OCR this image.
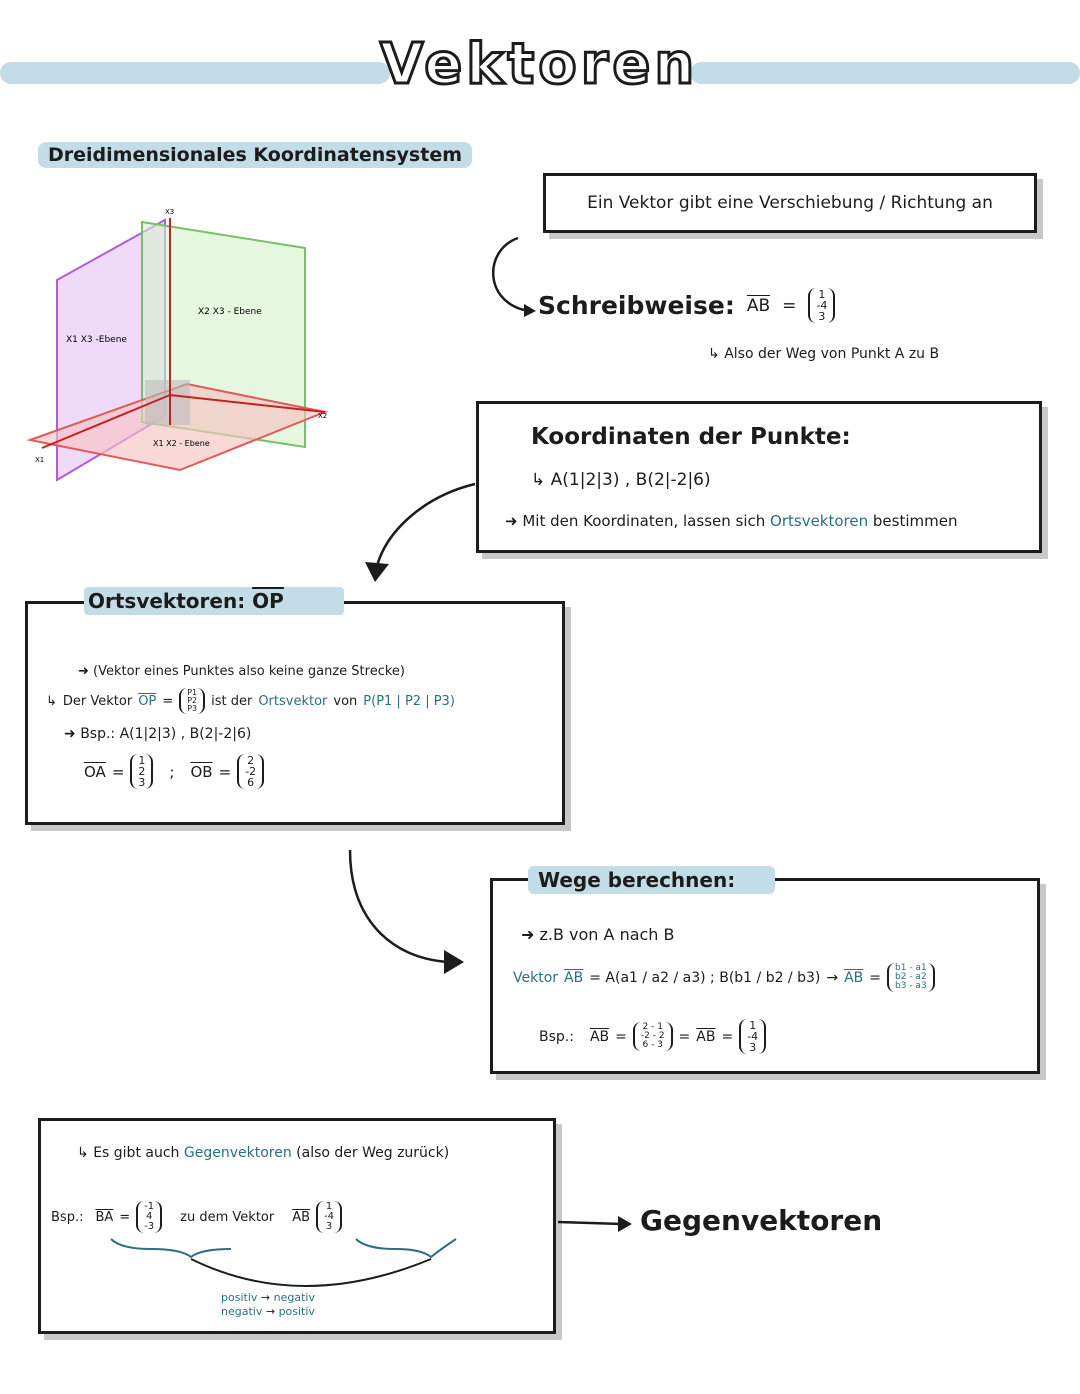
Vektoren
Dreidimensionales Koordinatensystem
X3
X2
X1
X1 X3 -Ebene
X2 X3 - Ebene
X1 X2 - Ebene
Ein Vektor gibt eine Verschiebung / Richtung an
Schreibweise: $\overline{AB}$ =
1
-4
3
↳ Also der Weg von Punkt A zu B
Koordinaten der Punkte:
↳ A(1|2|3) , B(2|-2|6)
➜ Mit den Koordinaten, lassen sich Ortsvektoren bestimmen
➜ (Vektor eines Punktes also keine ganze Strecke)
↳ Der Vektor $\overline{OP}$ =
P1
P2
P3 ist der Ortsvektor von P(P1 | P2 | P3)
➜ Bsp.: A(1|2|3) , B(2|-2|6)
$\overline{OA}$ =
1
2
3
; $\overline{OB}$ =
2
-2
6
Ortsvektoren: $\overline{OP}$
➜ z.B von A nach B
Vektor $\overline{AB} = A(a1 / a2 / a3)$ ; $B(b1 / b2 / b3) \to \overline{AB}$ =
b1 - a1
b2 - a2
b3 - a3
Bsp.: $\overline{AB}$ =
2 - 1
-2 - 2
6 - 3
= $\overline{AB}$ =
1
-4
3
Wege berechnen:
↳ Es gibt auch Gegenvektoren (also der Weg zurück)
Bsp.: $\overline{BA}$ =
-1
4
-3
zu dem Vektor $\overline{AB}$
1
-4
3
positiv → negativ
negativ → positiv
Gegenvektoren
